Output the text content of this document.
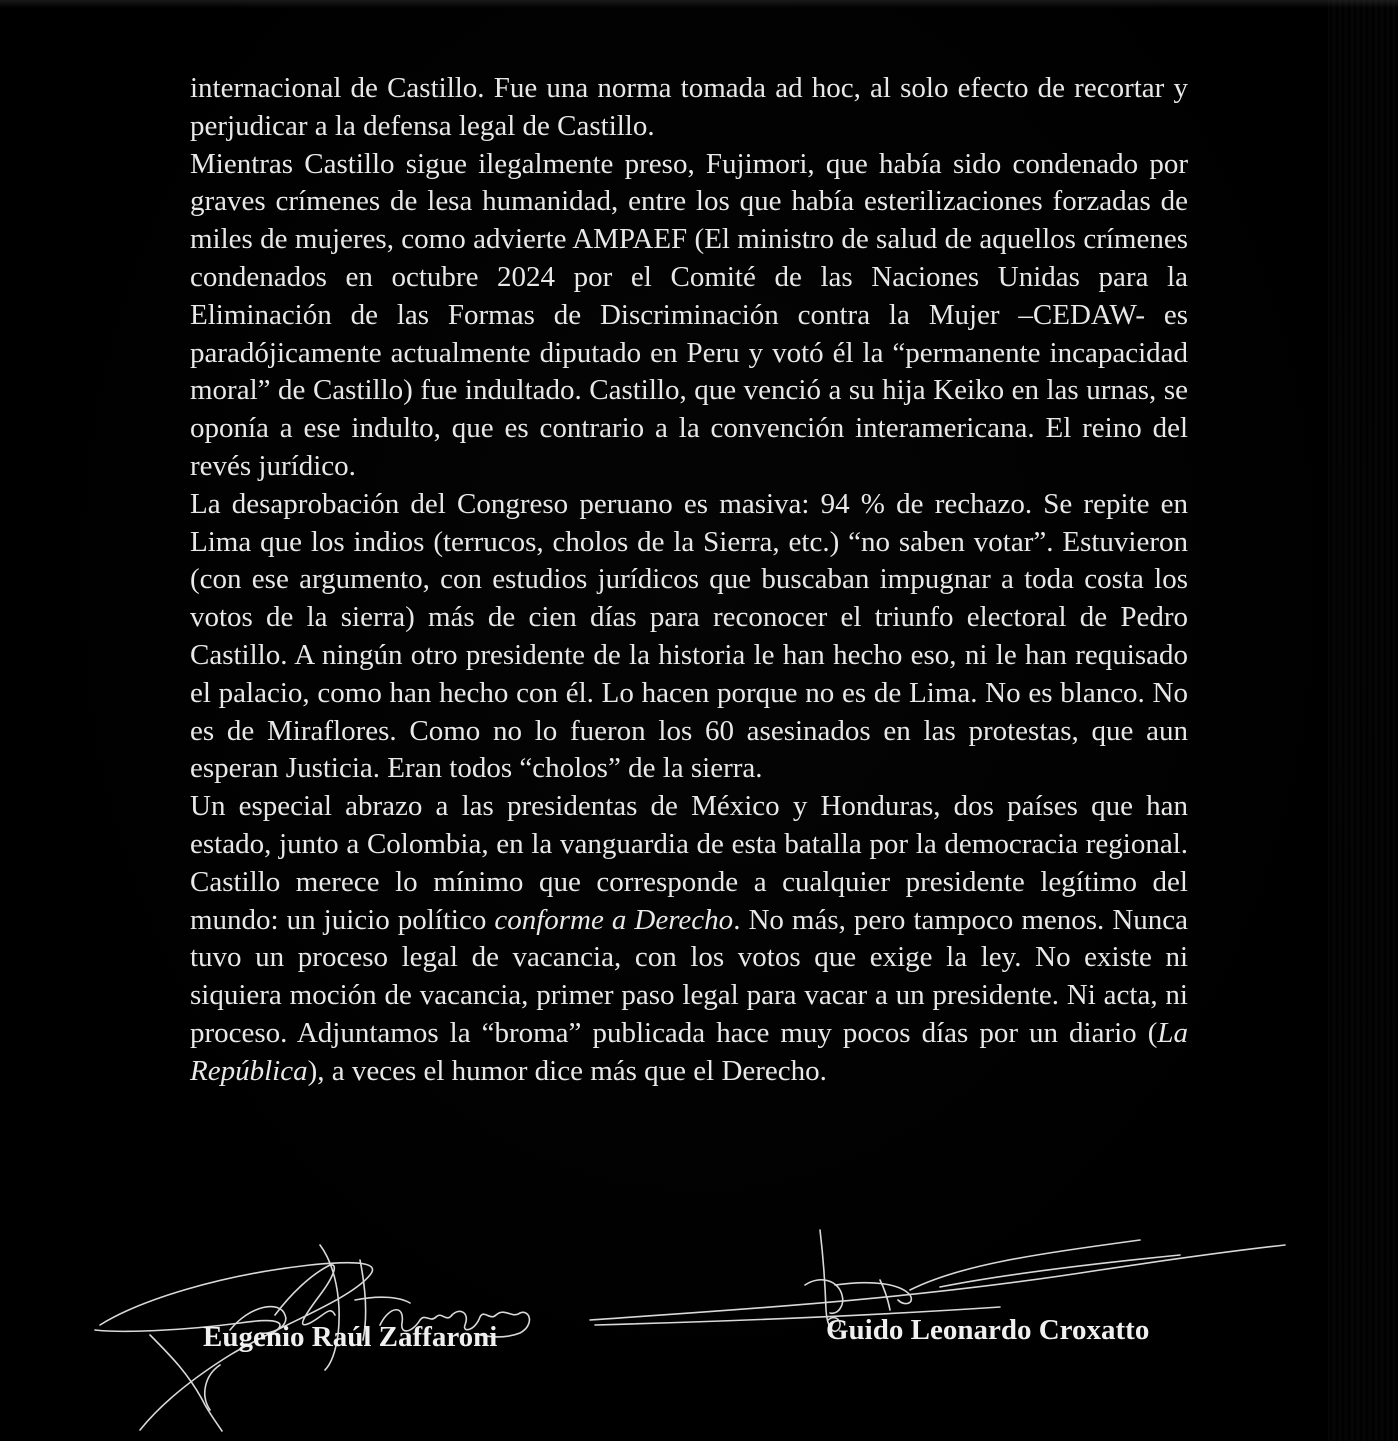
internacional de Castillo. Fue una norma tomada ad hoc, al solo efecto de recortar y perjudicar a la defensa legal de Castillo.

Mientras Castillo sigue ilegalmente preso, Fujimori, que había sido condenado por graves crímenes de lesa humanidad, entre los que había esterilizaciones forzadas de miles de mujeres, como advierte AMPAEF (El ministro de salud de aquellos crímenes condenados en octubre 2024 por el Comité de las Naciones Unidas para la Eliminación de las Formas de Discriminación contra la Mujer –CEDAW- es paradójicamente actualmente diputado en Peru y votó él la “permanente incapacidad moral” de Castillo) fue indultado. Castillo, que venció a su hija Keiko en las urnas, se oponía a ese indulto, que es contrario a la convención interamericana. El reino del revés jurídico.

La desaprobación del Congreso peruano es masiva: 94 % de rechazo. Se repite en Lima que los indios (terrucos, cholos de la Sierra, etc.) “no saben votar”. Estuvieron (con ese argumento, con estudios jurídicos que buscaban impugnar a toda costa los votos de la sierra) más de cien días para reconocer el triunfo electoral de Pedro Castillo. A ningún otro presidente de la historia le han hecho eso, ni le han requisado el palacio, como han hecho con él. Lo hacen porque no es de Lima. No es blanco. No es de Miraflores. Como no lo fueron los 60 asesinados en las protestas, que aun esperan Justicia. Eran todos “cholos” de la sierra.

Un especial abrazo a las presidentas de México y Honduras, dos países que han estado, junto a Colombia, en la vanguardia de esta batalla por la democracia regional. Castillo merece lo mínimo que corresponde a cualquier presidente legítimo del mundo: un juicio político conforme a Derecho. No más, pero tampoco menos. Nunca tuvo un proceso legal de vacancia, con los votos que exige la ley. No existe ni siquiera moción de vacancia, primer paso legal para vacar a un presidente. Ni acta, ni proceso. Adjuntamos la “broma” publicada hace muy pocos días por un diario (La República), a veces el humor dice más que el Derecho.

Eugenio Raúl Zaffaroni	Guido Leonardo Croxatto
